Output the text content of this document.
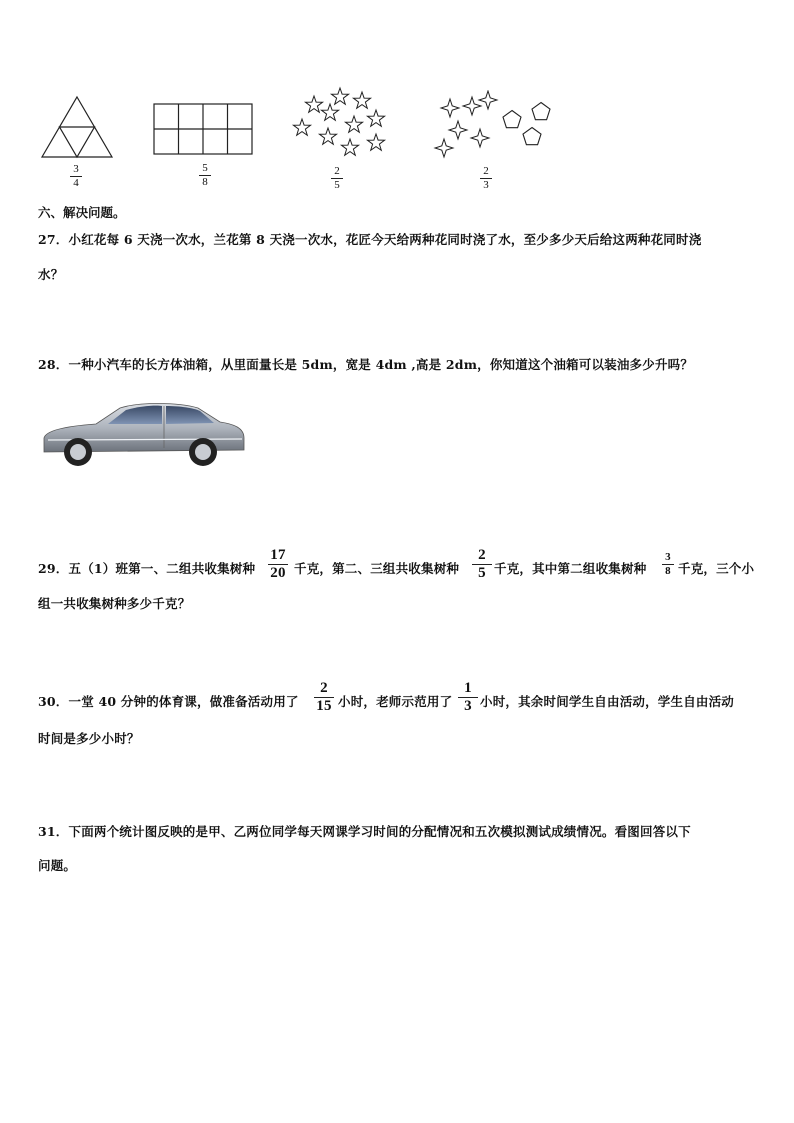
3
4
5
8
2
5
2
3
六、解决问题。
27．小红花每 6 天浇一次水，兰花第 8 天浇一次水，花匠今天给两种花同时浇了水，至少多少天后给这两种花同时浇
水？
28．一种小汽车的长方体油箱，从里面量长是 5dm，宽是 4dm ,高是 2dm，你知道这个油箱可以装油多少升吗？
29．五（1）班第一、二组共收集树种
17
20 千克，第二、三组共收集树种
2
5 千克，其中第二组收集树种
3
8 千克，三个小
组一共收集树种多少千克？
30．一堂 40 分钟的体育课，做准备活动用了
2
15 小时，老师示范用了
1
3 小时，其余时间学生自由活动，学生自由活动
时间是多少小时？
31．下面两个统计图反映的是甲、乙两位同学每天网课学习时间的分配情况和五次模拟测试成绩情况。看图回答以下
问题。
